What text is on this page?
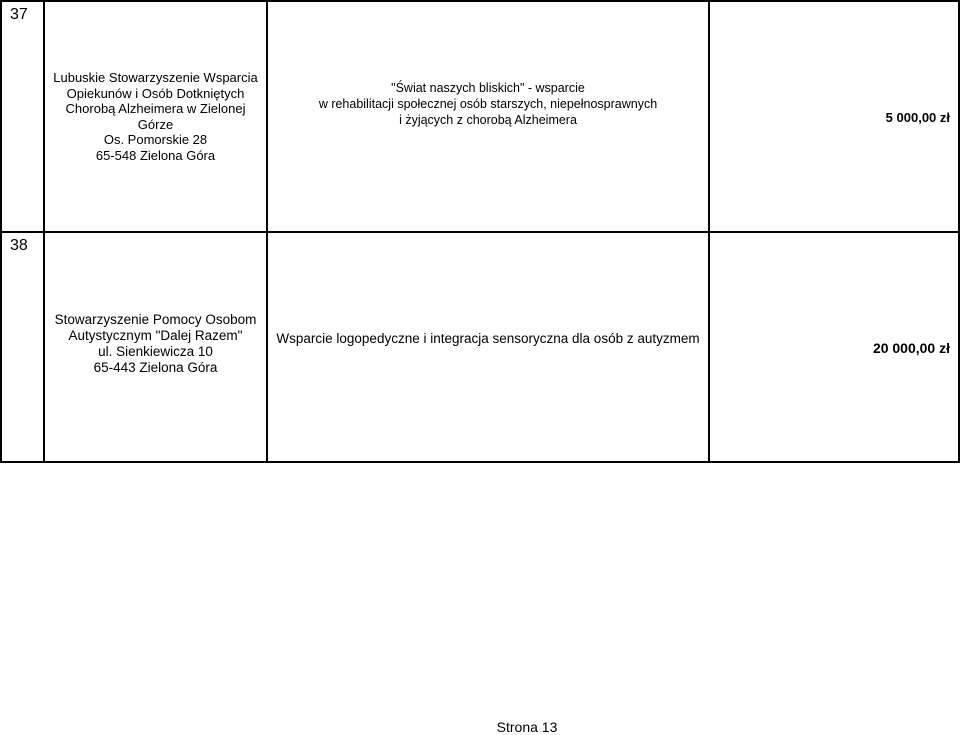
37
Lubuskie Stowarzyszenie Wsparcia
Opiekunów i Osób Dotkniętych
Chorobą Alzheimera w Zielonej Górze
Os. Pomorskie 28
65-548 Zielona Góra
"Świat naszych bliskich" - wsparcie
w rehabilitacji społecznej osób starszych, niepełnosprawnych
i żyjących z chorobą Alzheimera	5 000,00 zł
38
Stowarzyszenie Pomocy Osobom
Autystycznym "Dalej Razem"
ul. Sienkiewicza 10
65-443 Zielona Góra
Wsparcie logopedyczne i integracja sensoryczna dla osób z autyzmem
20 000,00 zł
Strona 13
